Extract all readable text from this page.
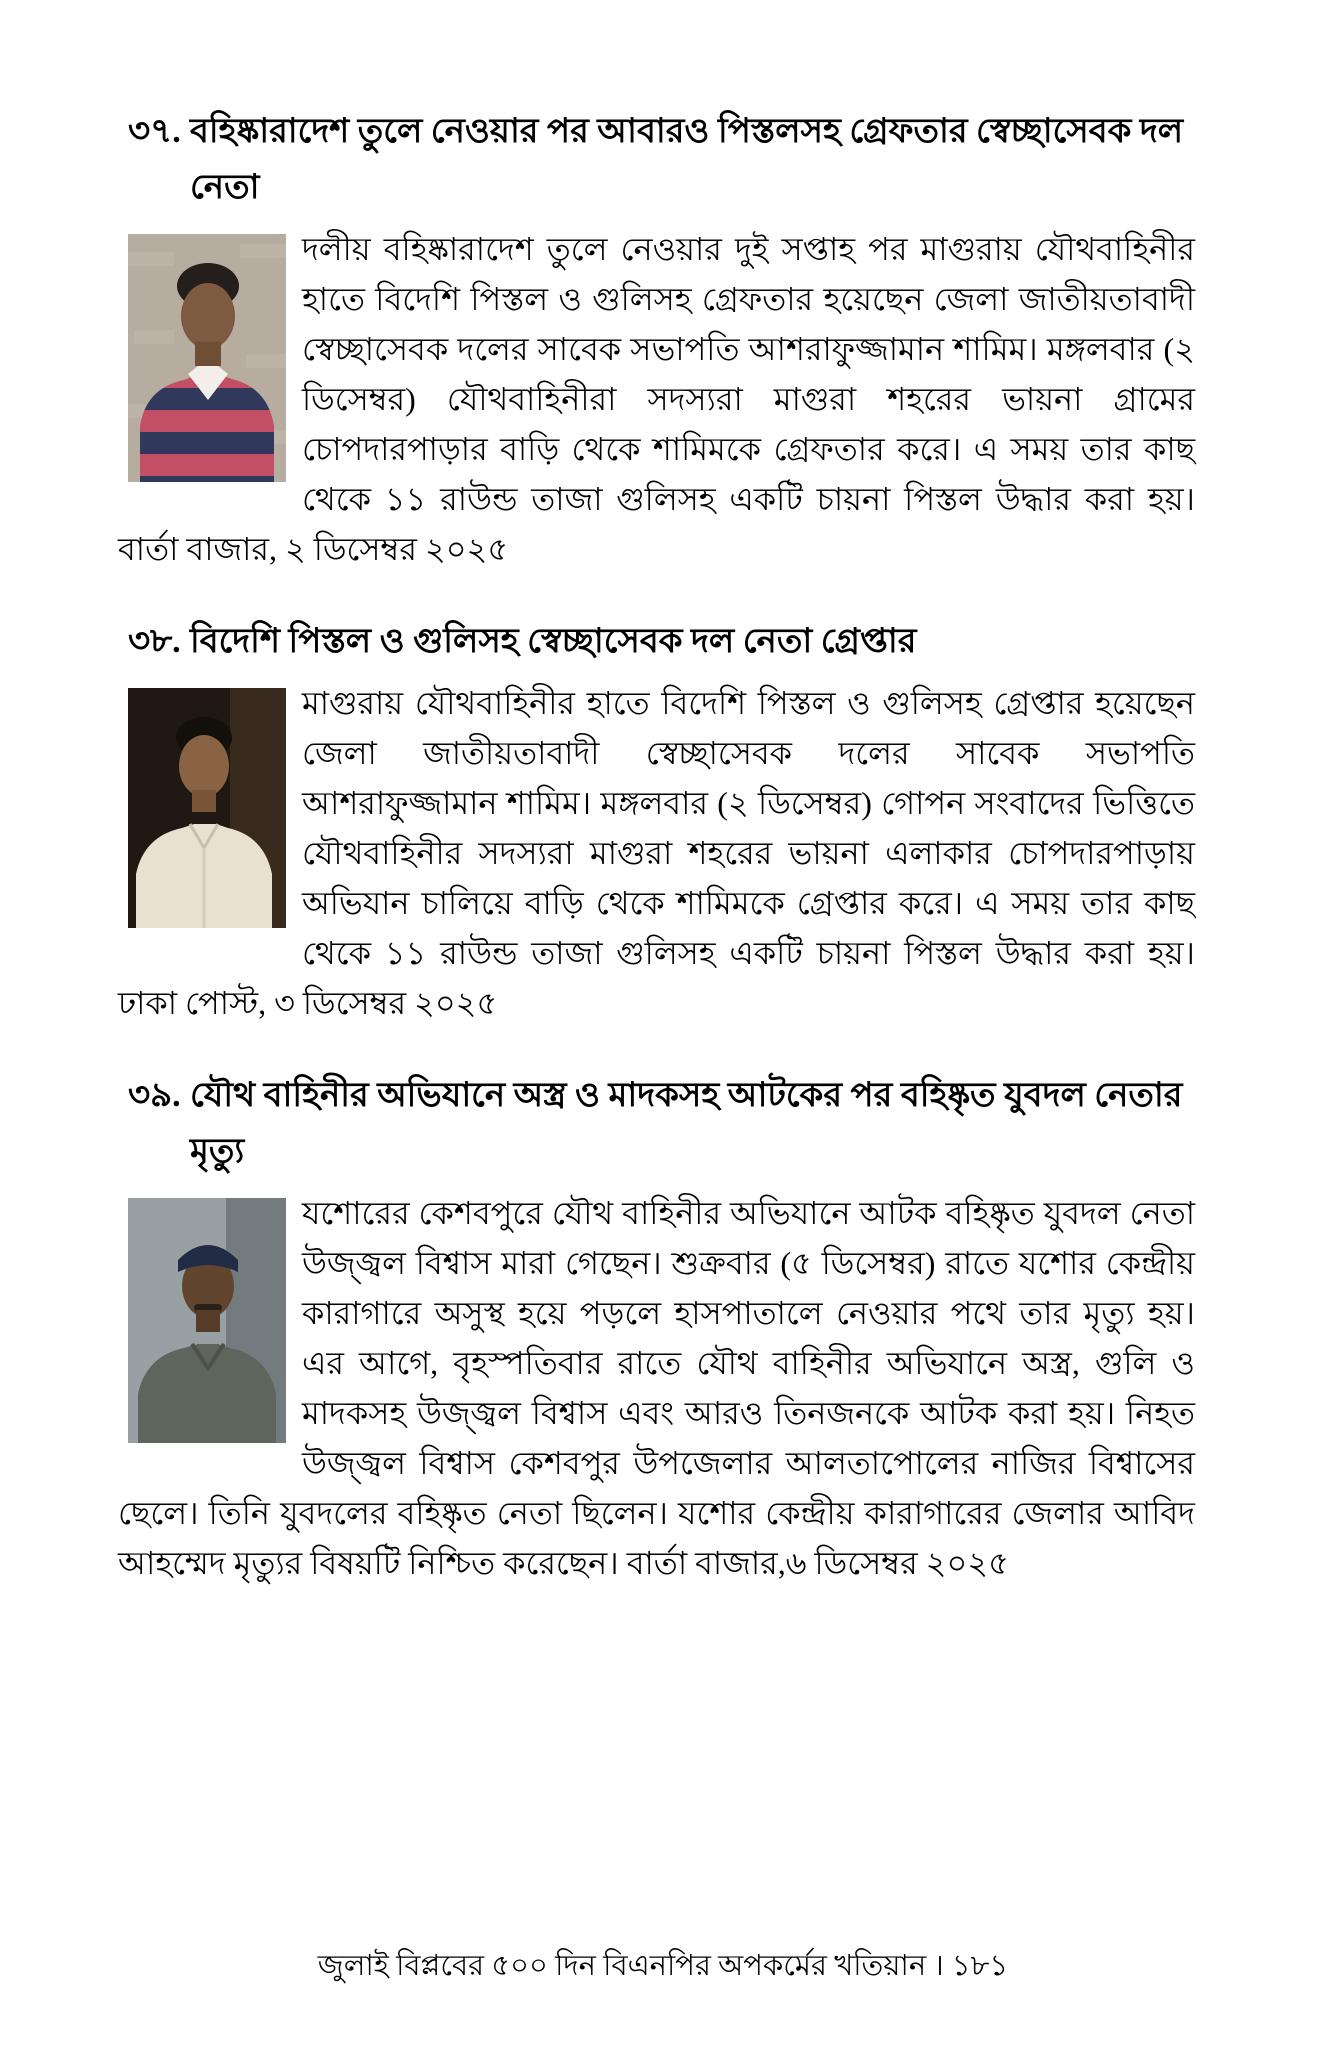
৩৭. বহিষ্কারাদেশ তুলে নেওয়ার পর আবারও পিস্তলসহ গ্রেফতার স্বেচ্ছাসেবক দল নেতা

দলীয় বহিষ্কারাদেশ তুলে নেওয়ার দুই সপ্তাহ পর মাগুরায় যৌথবাহিনীর হাতে বিদেশি পিস্তল ও গুলিসহ গ্রেফতার হয়েছেন জেলা জাতীয়তাবাদী স্বেচ্ছাসেবক দলের সাবেক সভাপতি আশরাফুজ্জামান শামিম। মঙ্গলবার (২ ডিসেম্বর) যৌথবাহিনীরা সদস্যরা মাগুরা শহরের ভায়না গ্রামের চোপদারপাড়ার বাড়ি থেকে শামিমকে গ্রেফতার করে। এ সময় তার কাছ থেকে ১১ রাউন্ড তাজা গুলিসহ একটি চায়না পিস্তল উদ্ধার করা হয়। বার্তা বাজার, ২ ডিসেম্বর ২০২৫

৩৮. বিদেশি পিস্তল ও গুলিসহ স্বেচ্ছাসেবক দল নেতা গ্রেপ্তার

মাগুরায় যৌথবাহিনীর হাতে বিদেশি পিস্তল ও গুলিসহ গ্রেপ্তার হয়েছেন জেলা জাতীয়তাবাদী স্বেচ্ছাসেবক দলের সাবেক সভাপতি আশরাফুজ্জামান শামিম। মঙ্গলবার (২ ডিসেম্বর) গোপন সংবাদের ভিত্তিতে যৌথবাহিনীর সদস্যরা মাগুরা শহরের ভায়না এলাকার চোপদারপাড়ায় অভিযান চালিয়ে বাড়ি থেকে শামিমকে গ্রেপ্তার করে। এ সময় তার কাছ থেকে ১১ রাউন্ড তাজা গুলিসহ একটি চায়না পিস্তল উদ্ধার করা হয়। ঢাকা পোস্ট, ৩ ডিসেম্বর ২০২৫

৩৯. যৌথ বাহিনীর অভিযানে অস্ত্র ও মাদকসহ আটকের পর বহিষ্কৃত যুবদল নেতার মৃত্যু

যশোরের কেশবপুরে যৌথ বাহিনীর অভিযানে আটক বহিষ্কৃত যুবদল নেতা উজ্জ্বল বিশ্বাস মারা গেছেন। শুক্রবার (৫ ডিসেম্বর) রাতে যশোর কেন্দ্রীয় কারাগারে অসুস্থ হয়ে পড়লে হাসপাতালে নেওয়ার পথে তার মৃত্যু হয়। এর আগে, বৃহস্পতিবার রাতে যৌথ বাহিনীর অভিযানে অস্ত্র, গুলি ও মাদকসহ উজ্জ্বল বিশ্বাস এবং আরও তিনজনকে আটক করা হয়। নিহত উজ্জ্বল বিশ্বাস কেশবপুর উপজেলার আলতাপোলের নাজির বিশ্বাসের ছেলে। তিনি যুবদলের বহিষ্কৃত নেতা ছিলেন। যশোর কেন্দ্রীয় কারাগারের জেলার আবিদ আহম্মেদ মৃত্যুর বিষয়টি নিশ্চিত করেছেন। বার্তা বাজার,৬ ডিসেম্বর ২০২৫

জুলাই বিপ্লবের ৫০০ দিন বিএনপির অপকর্মের খতিয়ান । ১৮১
